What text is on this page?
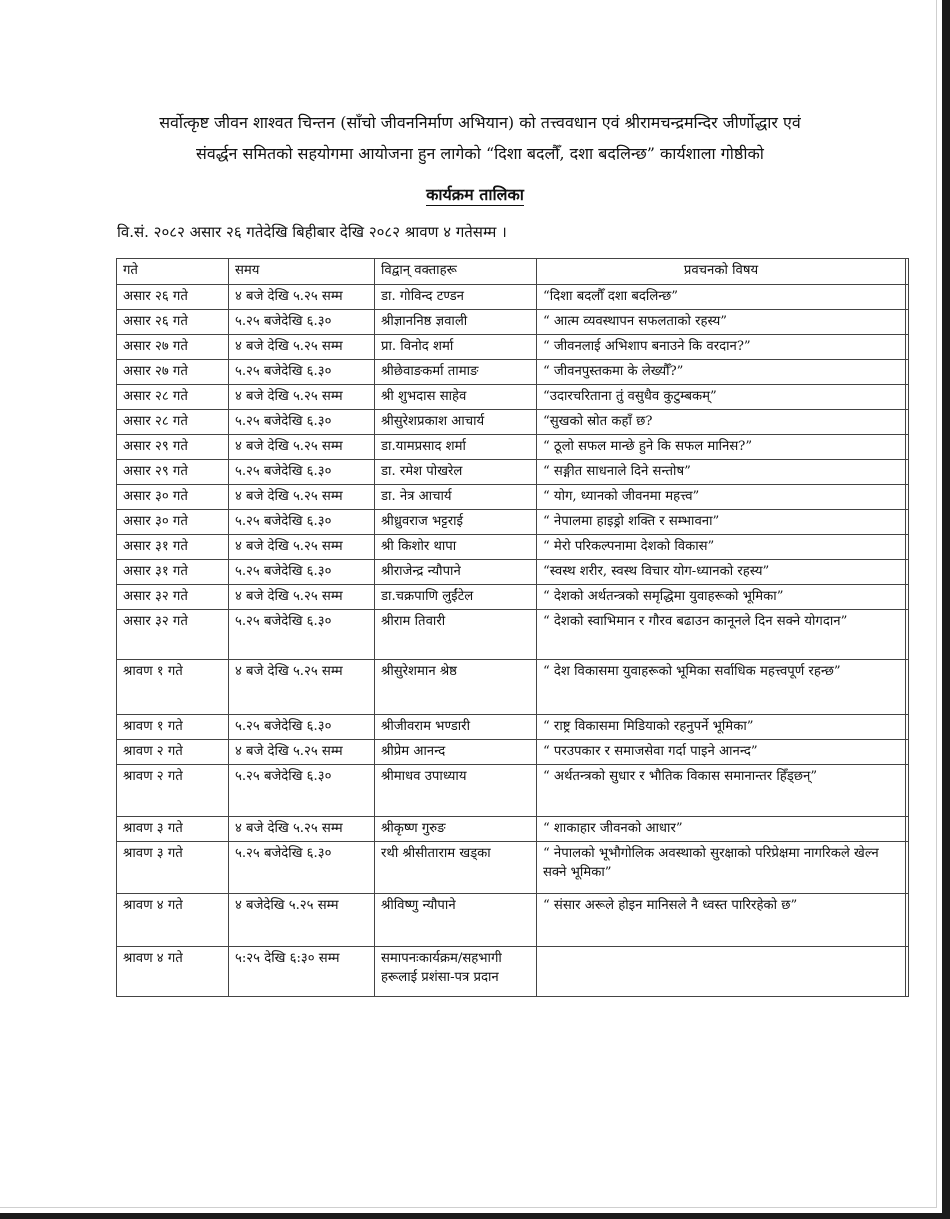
सर्वोत्कृष्ट जीवन शाश्वत चिन्तन (साँचो जीवननिर्माण अभियान) को तत्त्ववधान एवं श्रीरामचन्द्रमन्दिर जीर्णोद्धार एवं
संवर्द्धन समितको सहयोगमा आयोजना हुन लागेको “दिशा बदलौँ, दशा बदलिन्छ” कार्यशाला गोष्ठीको
कार्यक्रम तालिका
वि.सं. २०८२ असार २६ गतेदेखि बिहीबार देखि २०८२ श्रावण ४ गतेसम्म ।
गते	समय	विद्वान् वक्ताहरू	प्रवचनको विषय	
असार २६ गते	४ बजे देखि ५.२५ सम्म	डा. गोविन्द टण्डन	“दिशा बदलौँ दशा बदलिन्छ”	
असार २६ गते	५.२५ बजेदेखि ६.३०	श्रीज्ञाननिष्ठ ज्ञवाली	“ आत्म व्यवस्थापन सफलताको रहस्य”	
असार २७ गते	४ बजे देखि ५.२५ सम्म	प्रा. विनोद शर्मा	“ जीवनलाई अभिशाप बनाउने कि वरदान?”	
असार २७ गते	५.२५ बजेदेखि ६.३०	श्रीछेवाङकर्मा तामाङ	“ जीवनपुस्तकमा के लेख्यौँ?”	
असार २८ गते	४ बजे देखि ५.२५ सम्म	श्री शुभदास साहेव	“उदारचरिताना तुं वसुधैव कुटुम्बकम्”	
असार २८ गते	५.२५ बजेदेखि ६.३०	श्रीसुरेशप्रकाश आचार्य	“सुखको स्रोत कहाँ छ?	
असार २९ गते	४ बजे देखि ५.२५ सम्म	डा.यामप्रसाद शर्मा	“ ठूलो सफल मान्छे हुने कि सफल मानिस?”	
असार २९ गते	५.२५ बजेदेखि ६.३०	डा. रमेश पोखरेल	“ सङ्गीत साधनाले दिने सन्तोष”	
असार ३० गते	४ बजे देखि ५.२५ सम्म	डा. नेत्र आचार्य	“ योग, ध्यानको जीवनमा महत्त्व”	
असार ३० गते	५.२५ बजेदेखि ६.३०	श्रीध्रुवराज भट्टराई	“ नेपालमा हाइड्रो शक्ति र सम्भावना”	
असार ३१ गते	४ बजे देखि ५.२५ सम्म	श्री किशोर थापा	“ मेरो परिकल्पनामा देशको विकास”	
असार ३१ गते	५.२५ बजेदेखि ६.३०	श्रीराजेन्द्र न्यौपाने	“स्वस्थ शरीर, स्वस्थ विचार योग-ध्यानको रहस्य”	
असार ३२ गते	४ बजे देखि ५.२५ सम्म	डा.चक्रपाणि लुईंटेल	“ देशको अर्थतन्त्रको समृद्धिमा युवाहरूको भूमिका”	
असार ३२ गते	५.२५ बजेदेखि ६.३०	श्रीराम तिवारी	“ देशको स्वाभिमान र गौरव बढाउन कानूनले दिन सक्ने योगदान”	
श्रावण १ गते	४ बजे देखि ५.२५ सम्म	श्रीसुरेशमान श्रेष्ठ	“ देश विकासमा युवाहरूको भूमिका सर्वाधिक महत्त्वपूर्ण रहन्छ”	
श्रावण १ गते	५.२५ बजेदेखि ६.३०	श्रीजीवराम भण्डारी	“ राष्ट्र विकासमा मिडियाको रहनुपर्ने भूमिका”	
श्रावण २ गते	४ बजे देखि ५.२५ सम्म	श्रीप्रेम आनन्द	“ परउपकार र समाजसेवा गर्दा पाइने आनन्द”	
श्रावण २ गते	५.२५ बजेदेखि ६.३०	श्रीमाधव उपाध्याय	“ अर्थतन्त्रको सुधार र भौतिक विकास समानान्तर हिँड्छन्”	
श्रावण ३ गते	४ बजे देखि ५.२५ सम्म	श्रीकृष्ण गुरुङ	“ शाकाहार जीवनको आधार”	
श्रावण ३ गते	५.२५ बजेदेखि ६.३०	रथी श्रीसीताराम खड्का	“ नेपालको भूभौगोलिक अवस्थाको सुरक्षाको परिप्रेक्षमा नागरिकले खेल्न सक्ने भूमिका”	
श्रावण ४ गते	४ बजेदेखि ५.२५ सम्म	श्रीविष्णु न्यौपाने	“ संसार अरूले होइन मानिसले नै ध्वस्त पारिरहेको छ”	
श्रावण ४ गते	५:२५ देखि ६:३० सम्म	समापनःकार्यक्रम/सहभागी हरूलाई प्रशंसा-पत्र प्रदान		
